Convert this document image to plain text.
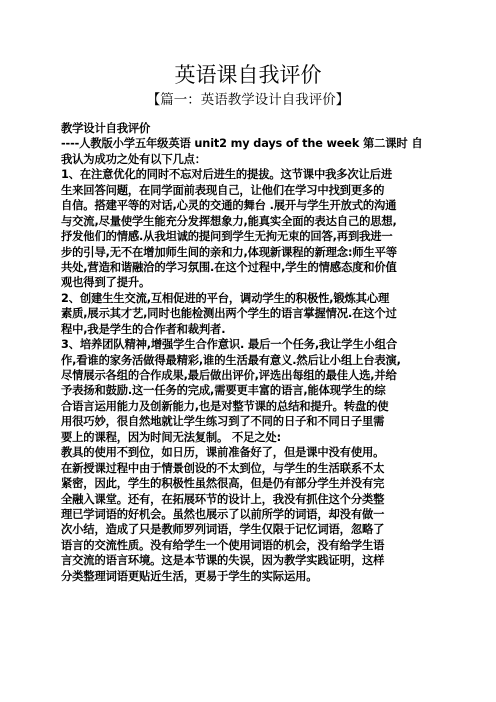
英语课自我评价
【篇一：英语教学设计自我评价】
教学设计自我评价
----人教版小学五年级英语 unit2 my days of the week 第二课时 自
我认为成功之处有以下几点：
1、在注意优化的同时不忘对后进生的提拔。这节课中我多次让后进
生来回答问题，在同学面前表现自己，让他们在学习中找到更多的
自信。搭建平等的对话,心灵的交通的舞台 .展开与学生开放式的沟通
与交流,尽量使学生能充分发挥想象力,能真实全面的表达自己的思想,
抒发他们的情感.从我坦诚的提问到学生无拘无束的回答,再到我进一
步的引导,无不在增加师生间的亲和力,体现新课程的新理念:师生平等
共处,营造和谐融洽的学习氛围.在这个过程中,学生的情感态度和价值
观也得到了提升。
2、创建生生交流,互相促进的平台，调动学生的积极性,锻炼其心理
素质,展示其才艺,同时也能检测出两个学生的语言掌握情况.在这个过
程中,我是学生的合作者和裁判者.
3、培养团队精神,增强学生合作意识. 最后一个任务,我让学生小组合
作,看谁的家务活做得最精彩,谁的生活最有意义.然后让小组上台表演,
尽情展示各组的合作成果,最后做出评价,评选出每组的最佳人选,并给
予表扬和鼓励.这一任务的完成,需要更丰富的语言,能体现学生的综
合语言运用能力及创新能力,也是对整节课的总结和提升。转盘的使
用很巧妙，很自然地就让学生练习到了不同的日子和不同日子里需
要上的课程，因为时间无法复制。 不足之处:
教具的使用不到位，如日历，课前准备好了，但是课中没有使用。
在新授课过程中由于情景创设的不太到位，与学生的生活联系不太
紧密，因此，学生的积极性虽然很高，但是仍有部分学生并没有完
全融入课堂。还有，在拓展环节的设计上，我没有抓住这个分类整
理已学词语的好机会。虽然也展示了以前所学的词语，却没有做一
次小结，造成了只是教师罗列词语，学生仅限于记忆词语，忽略了
语言的交流性质。没有给学生一个使用词语的机会，没有给学生语
言交流的语言环境。这是本节课的失误，因为教学实践证明，这样
分类整理词语更贴近生活，更易于学生的实际运用。
